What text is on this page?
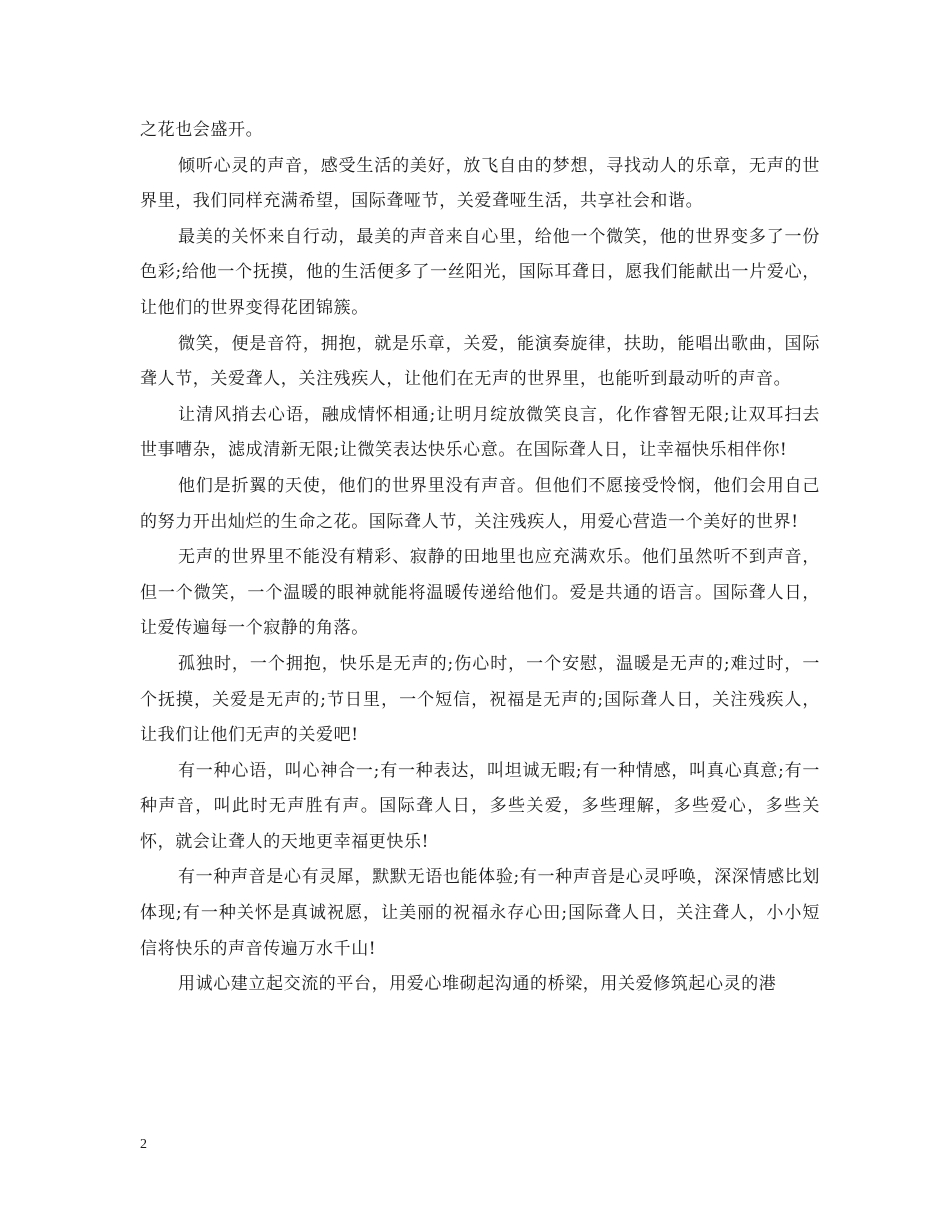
之花也会盛开。

倾听心灵的声音，感受生活的美好，放飞自由的梦想，寻找动人的乐章，无声的世界里，我们同样充满希望，国际聋哑节，关爱聋哑生活，共享社会和谐。

最美的关怀来自行动，最美的声音来自心里，给他一个微笑，他的世界变多了一份色彩;给他一个抚摸，他的生活便多了一丝阳光，国际耳聋日，愿我们能献出一片爱心，让他们的世界变得花团锦簇。

微笑，便是音符，拥抱，就是乐章，关爱，能演奏旋律，扶助，能唱出歌曲，国际聋人节，关爱聋人，关注残疾人，让他们在无声的世界里，也能听到最动听的声音。

让清风捎去心语，融成情怀相通;让明月绽放微笑良言，化作睿智无限;让双耳扫去世事嘈杂，滤成清新无限;让微笑表达快乐心意。在国际聋人日，让幸福快乐相伴你!

他们是折翼的天使，他们的世界里没有声音。但他们不愿接受怜悯，他们会用自己的努力开出灿烂的生命之花。国际聋人节，关注残疾人，用爱心营造一个美好的世界!

无声的世界里不能没有精彩、寂静的田地里也应充满欢乐。他们虽然听不到声音，但一个微笑，一个温暖的眼神就能将温暖传递给他们。爱是共通的语言。国际聋人日，让爱传遍每一个寂静的角落。

孤独时，一个拥抱，快乐是无声的;伤心时，一个安慰，温暖是无声的;难过时，一个抚摸，关爱是无声的;节日里，一个短信，祝福是无声的;国际聋人日，关注残疾人，让我们让他们无声的关爱吧!

有一种心语，叫心神合一;有一种表达，叫坦诚无暇;有一种情感，叫真心真意;有一种声音，叫此时无声胜有声。国际聋人日，多些关爱，多些理解，多些爱心，多些关怀，就会让聋人的天地更幸福更快乐!

有一种声音是心有灵犀，默默无语也能体验;有一种声音是心灵呼唤，深深情感比划体现;有一种关怀是真诚祝愿，让美丽的祝福永存心田;国际聋人日，关注聋人，小小短信将快乐的声音传遍万水千山!

用诚心建立起交流的平台，用爱心堆砌起沟通的桥梁，用关爱修筑起心灵的港

2
